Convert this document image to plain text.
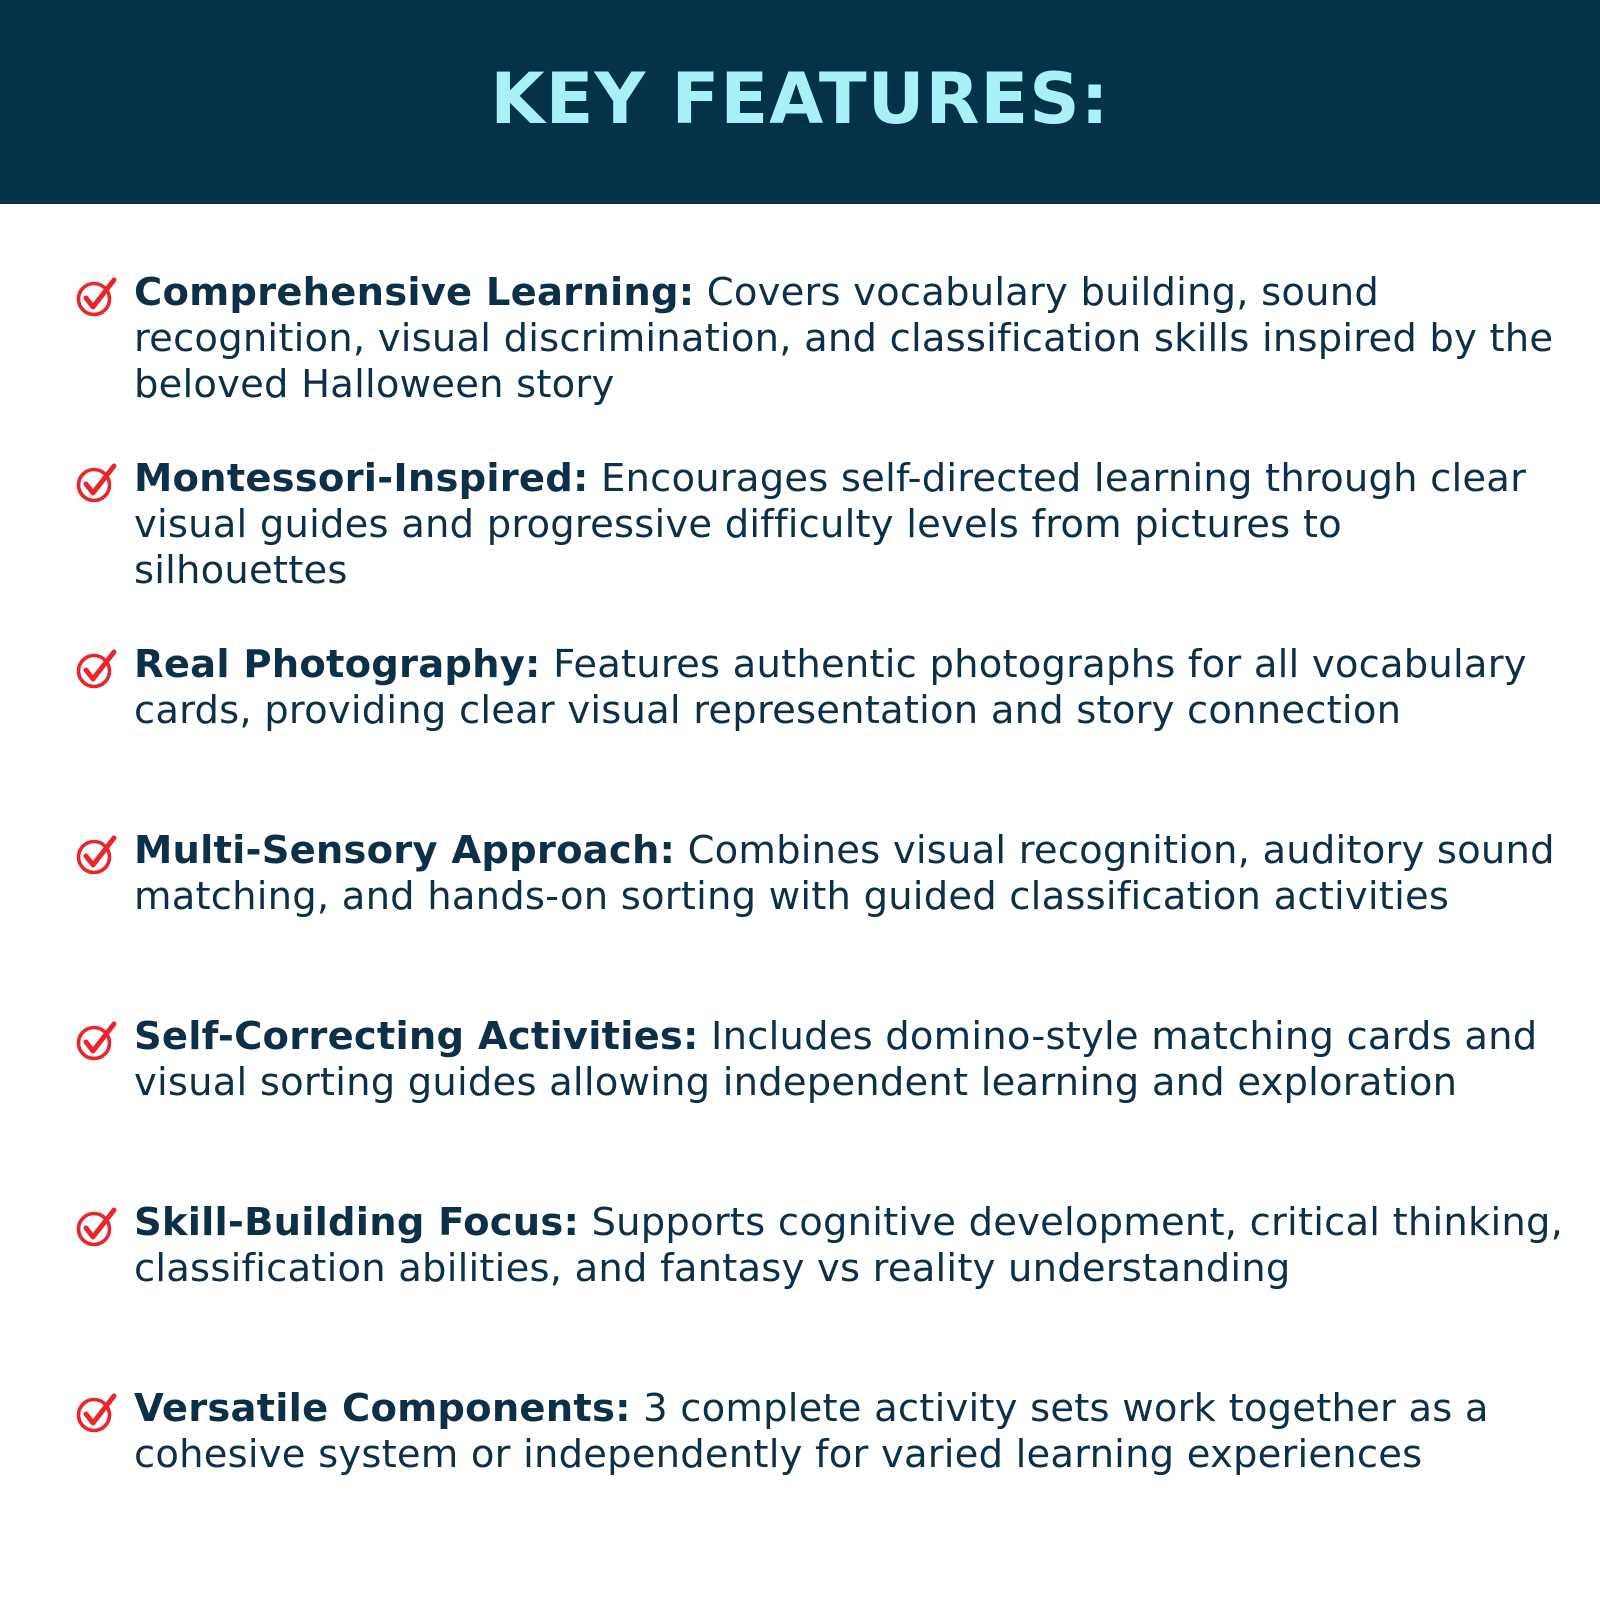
KEY FEATURES:
Comprehensive Learning: Covers vocabulary building, sound recognition, visual discrimination, and classification skills inspired by the beloved Halloween story
Montessori-Inspired: Encourages self-directed learning through clear visual guides and progressive difficulty levels from pictures to silhouettes
Real Photography: Features authentic photographs for all vocabulary cards, providing clear visual representation and story connection
Multi-Sensory Approach: Combines visual recognition, auditory sound matching, and hands-on sorting with guided classification activities
Self-Correcting Activities: Includes domino-style matching cards and visual sorting guides allowing independent learning and exploration
Skill-Building Focus: Supports cognitive development, critical thinking, classification abilities, and fantasy vs reality understanding
Versatile Components: 3 complete activity sets work together as a cohesive system or independently for varied learning experiences
